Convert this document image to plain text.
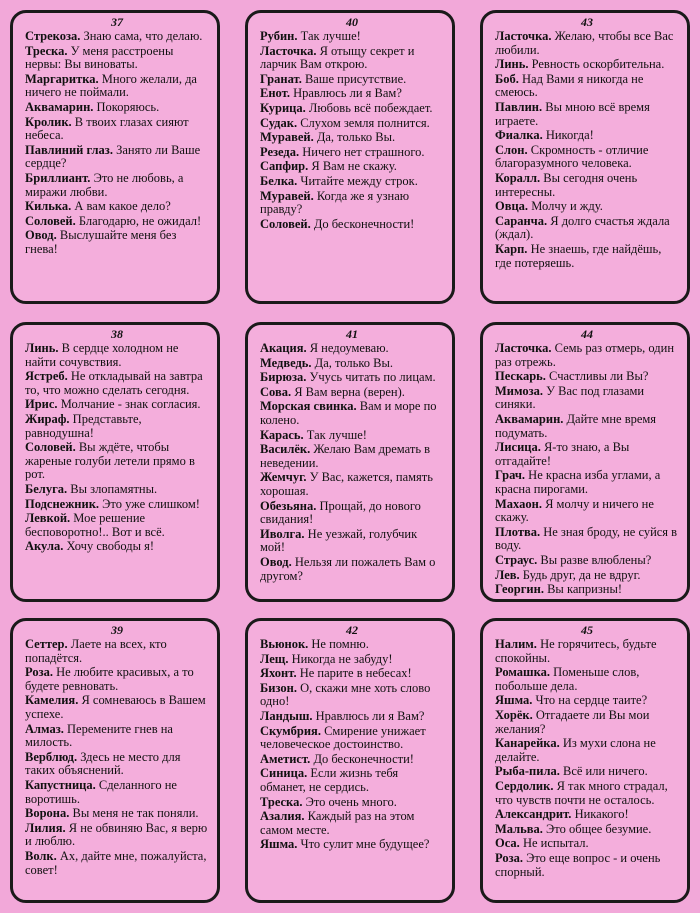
37
Стрекоза. Знаю сама, что делаю.
Треска. У меня расстроены нервы: Вы виноваты.
Маргаритка. Много желали, да ничего не поймали.
Аквамарин. Покоряюсь.
Кролик. В твоих глазах сияют небеса.
Павлиний глаз. Занято ли Ваше сердце?
Бриллиант. Это не любовь, а миражи любви.
Килька. А вам какое дело?
Соловей. Благодарю, не ожидал!
Овод. Выслушайте меня без гнева!
40
Рубин. Так лучше!
Ласточка. Я отыщу секрет и ларчик Вам открою.
Гранат. Ваше присутствие.
Енот. Нравлюсь ли я Вам?
Курица. Любовь всё побеждает.
Судак. Слухом земля полнится.
Муравей. Да, только Вы.
Резеда. Ничего нет страшного.
Сапфир. Я Вам не скажу.
Белка. Читайте между строк.
Муравей. Когда же я узнаю правду?
Соловей. До бесконечности!
43
Ласточка. Желаю, чтобы все Вас любили.
Линь. Ревность оскорбительна.
Боб. Над Вами я никогда не смеюсь.
Павлин. Вы мною всё время играете.
Фиалка. Никогда!
Слон. Скромность - отличие благоразумного человека.
Коралл. Вы сегодня очень интересны.
Овца. Молчу и жду.
Саранча. Я долго счастья ждала (ждал).
Карп. Не знаешь, где найдёшь, где потеряешь.
38
Линь. В сердце холодном не найти сочувствия.
Ястреб. Не откладывай на завтра то, что можно сделать сегодня.
Ирис. Молчание - знак согласия.
Жираф. Представьте, равнодушна!
Соловей. Вы ждёте, чтобы жареные голуби летели прямо в рот.
Белуга. Вы злопамятны.
Подснежник. Это уже слишком!
Левкой. Мое решение бесповоротно!.. Вот и всё.
Акула. Хочу свободы я!
41
Акация. Я недоумеваю.
Медведь. Да, только Вы.
Бирюза. Учусь читать по лицам.
Сова. Я Вам верна (верен).
Морская свинка. Вам и море по колено.
Карась. Так лучше!
Василёк. Желаю Вам дремать в неведении.
Жемчуг. У Вас, кажется, память хорошая.
Обезьяна. Прощай, до нового свидания!
Иволга. Не уезжай, голубчик мой!
Овод. Нельзя ли пожалеть Вам о другом?
44
Ласточка. Семь раз отмерь, один раз отрежь.
Пескарь. Счастливы ли Вы?
Мимоза. У Вас под глазами синяки.
Аквамарин. Дайте мне время подумать.
Лисица. Я-то знаю, а Вы отгадайте!
Грач. Не красна изба углами, а красна пирогами.
Махаон. Я молчу и ничего не скажу.
Плотва. Не зная броду, не суйся в воду.
Страус. Вы разве влюблены?
Лев. Будь друг, да не вдруг.
Георгин. Вы капризны!
39
Сеттер. Лаете на всех, кто попадётся.
Роза. Не любите красивых, а то будете ревновать.
Камелия. Я сомневаюсь в Вашем успехе.
Алмаз. Перемените гнев на милость.
Верблюд. Здесь не место для таких объяснений.
Капустница. Сделанного не воротишь.
Ворона. Вы меня не так поняли.
Лилия. Я не обвиняю Вас, я верю и люблю.
Волк. Ах, дайте мне, пожалуйста, совет!
42
Вьюнок. Не помню.
Лещ. Никогда не забуду!
Яхонт. Не парите в небесах!
Бизон. О, скажи мне хоть слово одно!
Ландыш. Нравлюсь ли я Вам?
Скумбрия. Смирение унижает человеческое достоинство.
Аметист. До бесконечности!
Синица. Если жизнь тебя обманет, не сердись.
Треска. Это очень много.
Азалия. Каждый раз на этом самом месте.
Яшма. Что сулит мне будущее?
45
Налим. Не горячитесь, будьте спокойны.
Ромашка. Поменьше слов, побольше дела.
Яшма. Что на сердце таите?
Хорёк. Отгадаете ли Вы мои желания?
Канарейка. Из мухи слона не делайте.
Рыба-пила. Всё или ничего.
Сердолик. Я так много страдал, что чувств почти не осталось.
Александрит. Никакого!
Мальва. Это общее безумие.
Оса. Не испытал.
Роза. Это еще вопрос - и очень спорный.
